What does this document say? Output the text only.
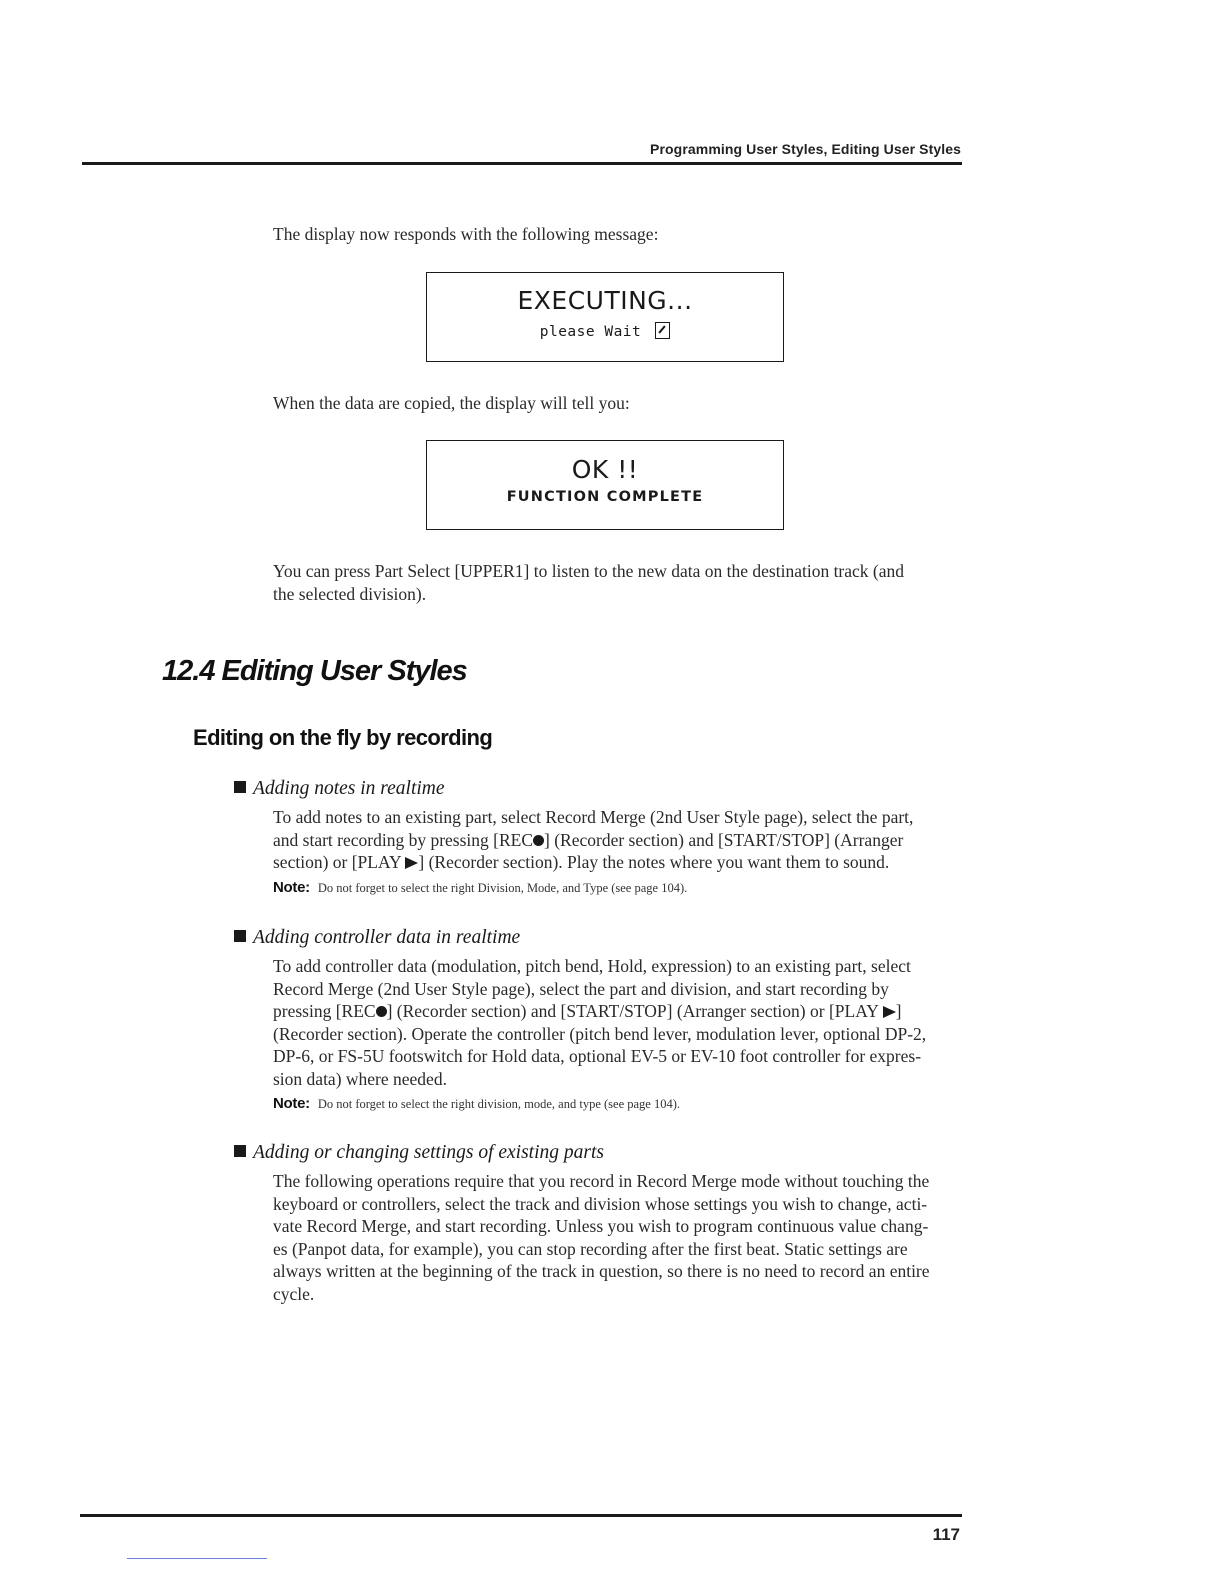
Programming User Styles, Editing User Styles
The display now responds with the following message:
EXECUTING...
please Wait
When the data are copied, the display will tell you:
OK !!
FUNCTION COMPLETE
You can press Part Select [UPPER1] to listen to the new data on the destination track (and
the selected division).
12.4 Editing User Styles
Editing on the fly by recording
Adding notes in realtime
To add notes to an existing part, select Record Merge (2nd User Style page), select the part,
and start recording by pressing [REC ] (Recorder section) and [START/STOP] (Arranger
section) or [PLAY ] (Recorder section). Play the notes where you want them to sound.
Note: Do not forget to select the right Division, Mode, and Type (see page 104).
Adding controller data in realtime
To add controller data (modulation, pitch bend, Hold, expression) to an existing part, select
Record Merge (2nd User Style page), select the part and division, and start recording by
pressing [REC ] (Recorder section) and [START/STOP] (Arranger section) or [PLAY ]
(Recorder section). Operate the controller (pitch bend lever, modulation lever, optional DP-2,
DP-6, or FS-5U footswitch for Hold data, optional EV-5 or EV-10 foot controller for expres-
sion data) where needed.
Note: Do not forget to select the right division, mode, and type (see page 104).
Adding or changing settings of existing parts
The following operations require that you record in Record Merge mode without touching the
keyboard or controllers, select the track and division whose settings you wish to change, acti-
vate Record Merge, and start recording. Unless you wish to program continuous value chang-
es (Panpot data, for example), you can stop recording after the first beat. Static settings are
always written at the beginning of the track in question, so there is no need to record an entire
cycle.
117
